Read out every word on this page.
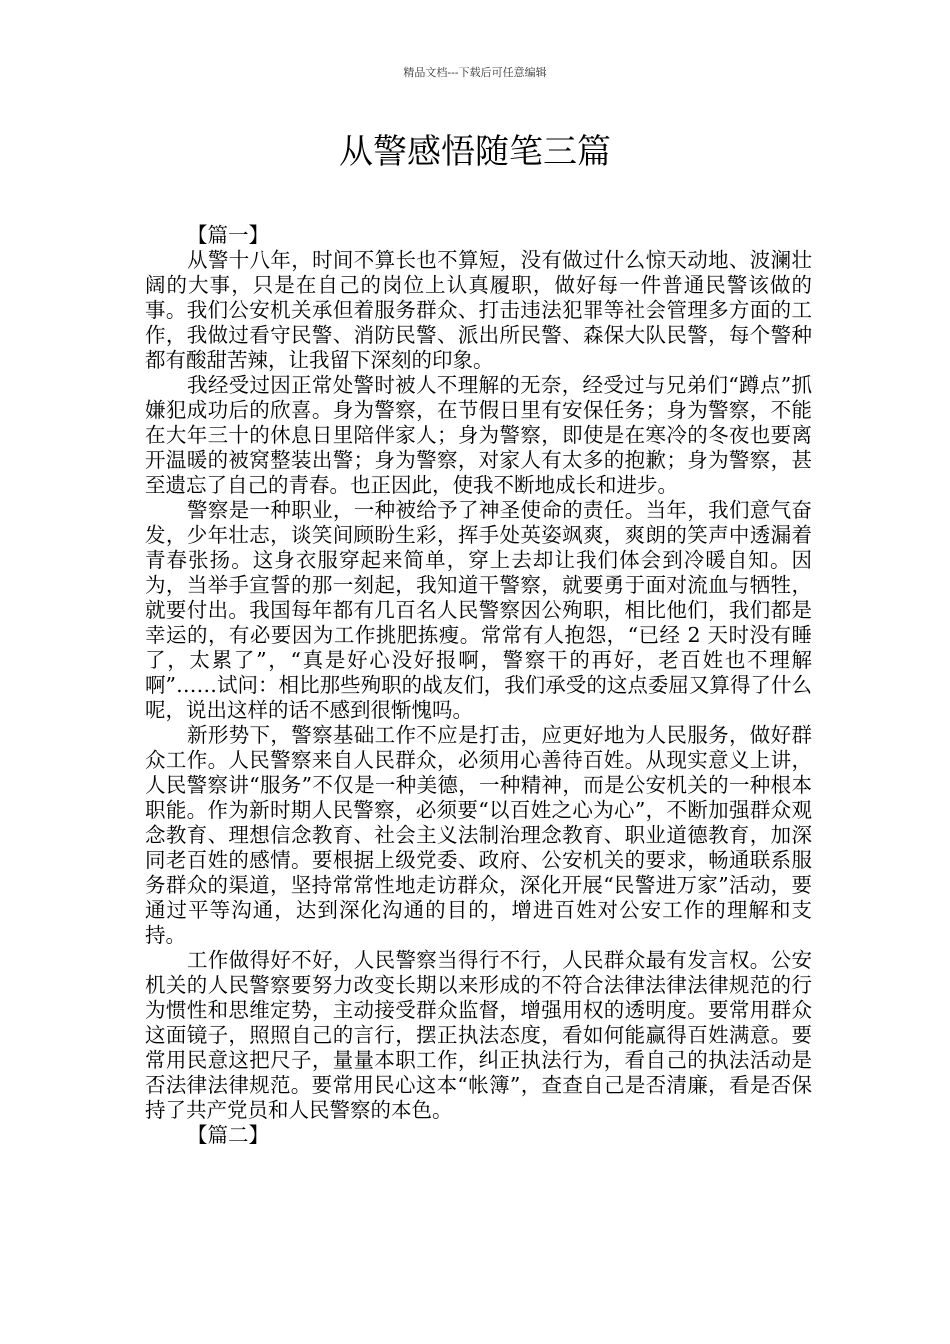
精品文档---下载后可任意编辑
从警感悟随笔三篇

【篇一】

从警十八年，时间不算长也不算短，没有做过什么惊天动地、波澜壮阔的大事，只是在自己的岗位上认真履职，做好每一件普通民警该做的事。我们公安机关承但着服务群众、打击违法犯罪等社会管理多方面的工作，我做过看守民警、消防民警、派出所民警、森保大队民警，每个警种都有酸甜苦辣，让我留下深刻的印象。

我经受过因正常处警时被人不理解的无奈，经受过与兄弟们“蹲点”抓嫌犯成功后的欣喜。身为警察，在节假日里有安保任务；身为警察，不能在大年三十的休息日里陪伴家人；身为警察，即使是在寒冷的冬夜也要离开温暖的被窝整装出警；身为警察，对家人有太多的抱歉；身为警察，甚至遗忘了自己的青春。也正因此，使我不断地成长和进步。

警察是一种职业，一种被给予了神圣使命的责任。当年，我们意气奋发，少年壮志，谈笑间顾盼生彩，挥手处英姿飒爽，爽朗的笑声中透漏着青春张扬。这身衣服穿起来简单，穿上去却让我们体会到冷暖自知。因为，当举手宣誓的那一刻起，我知道干警察，就要勇于面对流血与牺牲，就要付出。我国每年都有几百名人民警察因公殉职，相比他们，我们都是幸运的，有必要因为工作挑肥拣瘦。常常有人抱怨，“已经 2 天时没有睡了，太累了”，“真是好心没好报啊，警察干的再好，老百姓也不理解啊”……试问：相比那些殉职的战友们，我们承受的这点委屈又算得了什么呢，说出这样的话不感到很惭愧吗。

新形势下，警察基础工作不应是打击，应更好地为人民服务，做好群众工作。人民警察来自人民群众，必须用心善待百姓。从现实意义上讲，人民警察讲“服务”不仅是一种美德，一种精神，而是公安机关的一种根本职能。作为新时期人民警察，必须要“以百姓之心为心”，不断加强群众观念教育、理想信念教育、社会主义法制治理念教育、职业道德教育，加深同老百姓的感情。要根据上级党委、政府、公安机关的要求，畅通联系服务群众的渠道，坚持常常性地走访群众，深化开展“民警进万家”活动，要通过平等沟通，达到深化沟通的目的，增进百姓对公安工作的理解和支持。

工作做得好不好，人民警察当得行不行，人民群众最有发言权。公安机关的人民警察要努力改变长期以来形成的不符合法律法律法律规范的行为惯性和思维定势，主动接受群众监督，增强用权的透明度。要常用群众这面镜子，照照自己的言行，摆正执法态度，看如何能赢得百姓满意。要常用民意这把尺子，量量本职工作，纠正执法行为，看自己的执法活动是否法律法律规范。要常用民心这本“帐簿”，查查自己是否清廉，看是否保持了共产党员和人民警察的本色。

【篇二】
